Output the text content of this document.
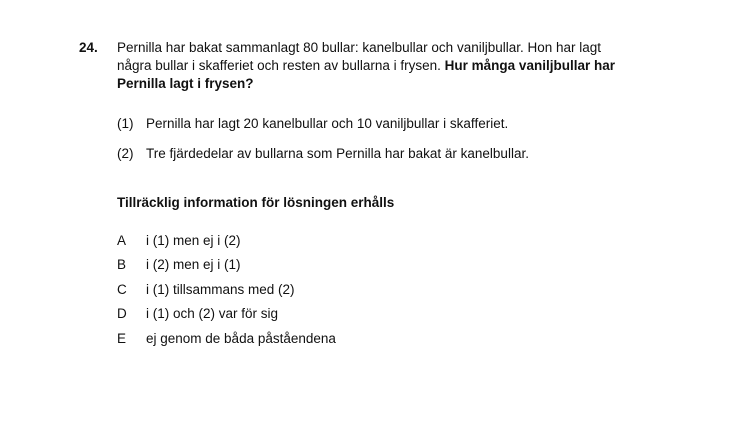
24. Pernilla har bakat sammanlagt 80 bullar: kanelbullar och vaniljbullar. Hon har lagt
några bullar i skafferiet och resten av bullarna i frysen. Hur många vaniljbullar har
Pernilla lagt i frysen?
(1) Pernilla har lagt 20 kanelbullar och 10 vaniljbullar i skafferiet.
(2) Tre fjärdedelar av bullarna som Pernilla har bakat är kanelbullar.
Tillräcklig information för lösningen erhålls
A i (1) men ej i (2)
B i (2) men ej i (1)
C i (1) tillsammans med (2)
D i (1) och (2) var för sig
E ej genom de båda påståendena
